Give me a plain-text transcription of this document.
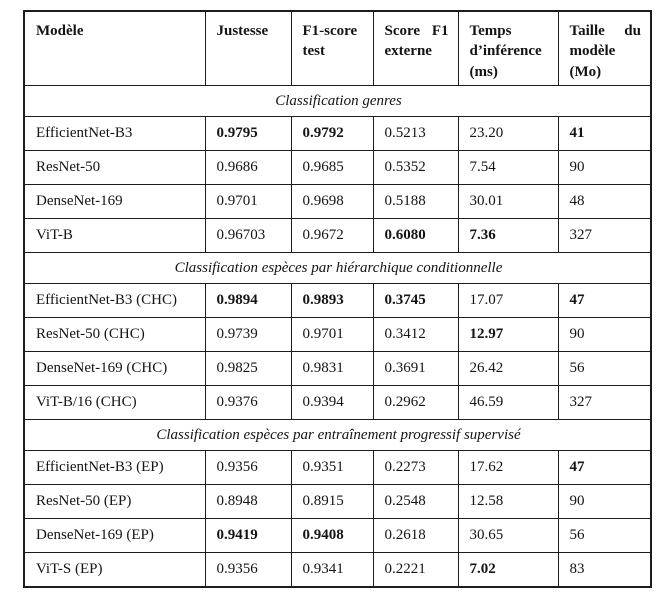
Modèle	Justesse	F1-score test	Score F1 externe	Temps d’inférence (ms)	Taille du modèle (Mo)
Classification genres					
EfficientNet-B3	0.9795	0.9792	0.5213	23.20	41
ResNet-50	0.9686	0.9685	0.5352	7.54	90
DenseNet-169	0.9701	0.9698	0.5188	30.01	48
ViT-B	0.96703	0.9672	0.6080	7.36	327
Classification espèces par hiérarchique conditionnelle					
EfficientNet-B3 (CHC)	0.9894	0.9893	0.3745	17.07	47
ResNet-50 (CHC)	0.9739	0.9701	0.3412	12.97	90
DenseNet-169 (CHC)	0.9825	0.9831	0.3691	26.42	56
ViT-B/16 (CHC)	0.9376	0.9394	0.2962	46.59	327
Classification espèces par entraînement progressif supervisé					
EfficientNet-B3 (EP)	0.9356	0.9351	0.2273	17.62	47
ResNet-50 (EP)	0.8948	0.8915	0.2548	12.58	90
DenseNet-169 (EP)	0.9419	0.9408	0.2618	30.65	56
ViT-S (EP)	0.9356	0.9341	0.2221	7.02	83
